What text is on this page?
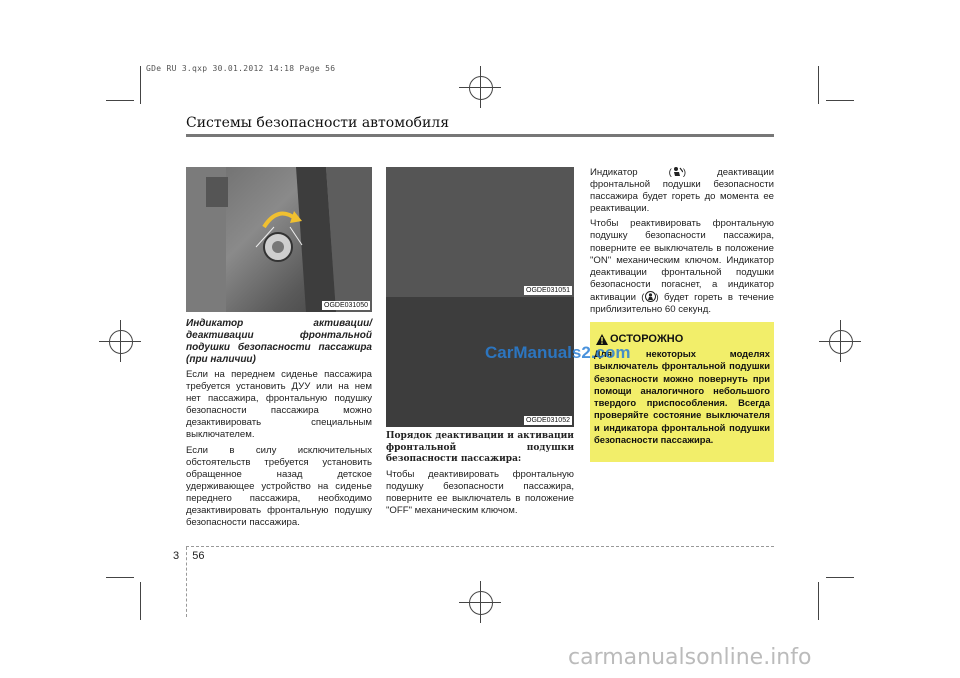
GDe RU 3.qxp 30.01.2012 14:18 Page 56
Системы безопасности автомобиля
OGDE031050
OGDE031051
OGDE031052
Индикатор активации/ деактивации фронтальной подушки безопасности пассажира (при наличии)

Если на переднем сиденье пассажира требуется установить ДУУ или на нем нет пассажира, фронтальную подушку безопасности пассажира можно дезактивировать специальным выключателем.

Если в силу исключительных обстоятельств требуется установить обращенное назад детское удерживающее устройство на сиденье переднего пассажира, необходимо дезактивировать фронтальную подушку безопасности пассажира.

Порядок деактивации и активации фронтальной подушки безопасности пассажира:

Чтобы деактивировать фронтальную подушку безопасности пассажира, поверните ее выключатель в положение "OFF" механическим ключом.

Индикатор ( ) деактивации фронтальной подушки безопасности пассажира будет гореть до момента ее реактивации.

Чтобы реактивировать фронтальную подушку безопасности пассажира, поверните ее выключатель в положение "ON" механическим ключом. Индикатор деактивации фронтальной подушки безопасности погаснет, а индикатор активации ( ) будет гореть в течение приблизительно 60 секунд.

ОСТОРОЖНО
Для некоторых моделях выключатель фронтальной подушки безопасности можно повернуть при помощи аналогичного небольшого твердого приспособления. Всегда проверяйте состояние выключателя и индикатора фронтальной подушки безопасности пассажира.
CarManuals2.com
3 56
carmanualsonline.info
